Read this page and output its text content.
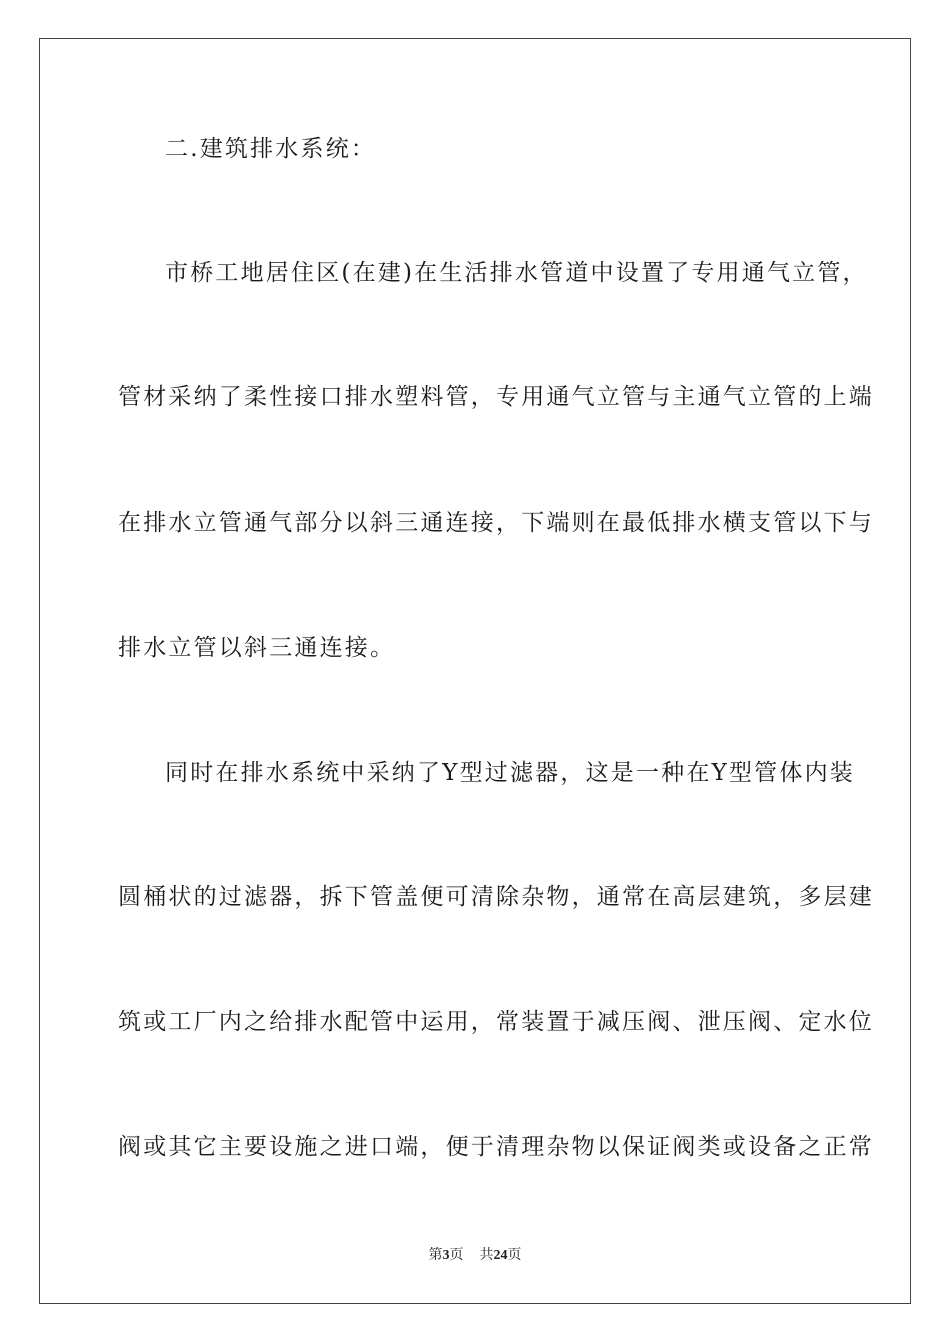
二.建筑排水系统：
市桥工地居住区(在建)在生活排水管道中设置了专用通气立管，
管材采纳了柔性接口排水塑料管，专用通气立管与主通气立管的上端
在排水立管通气部分以斜三通连接，下端则在最低排水横支管以下与
排水立管以斜三通连接。
同时在排水系统中采纳了Y型过滤器，这是一种在Y型管体内装
圆桶状的过滤器，拆下管盖便可清除杂物，通常在高层建筑，多层建
筑或工厂内之给排水配管中运用，常装置于减压阀、泄压阀、定水位
阀或其它主要设施之进口端，便于清理杂物以保证阀类或设备之正常
第3页 共24页
